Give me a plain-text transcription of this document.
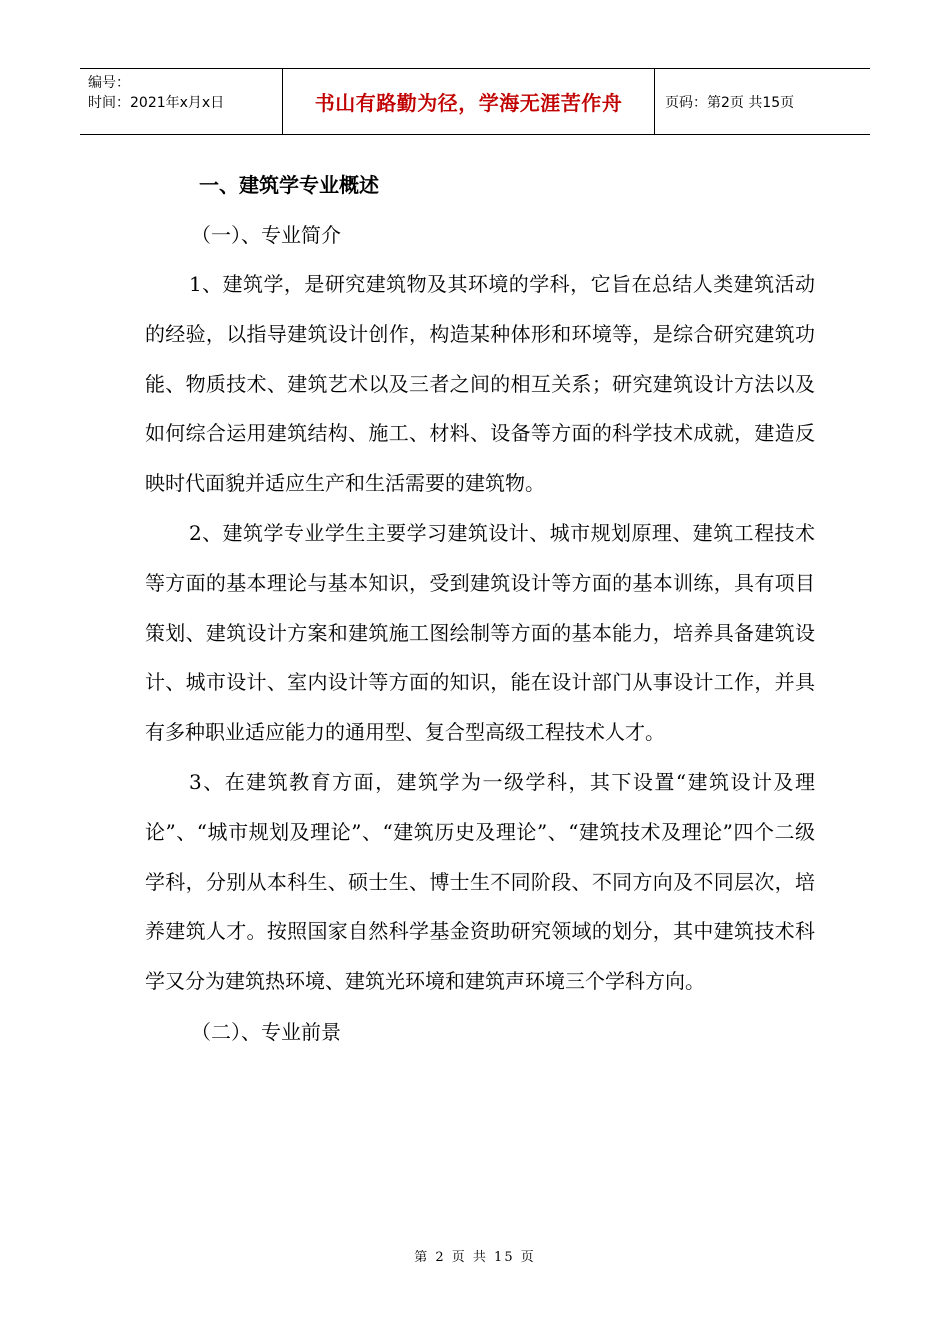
编号：
时间：2021年x月x日	书山有路勤为径，学海无涯苦作舟	页码：第2页 共15页
一、建筑学专业概述
（一）、专业简介

1、建筑学，是研究建筑物及其环境的学科，它旨在总结人类建筑活动的经验，以指导建筑设计创作，构造某种体形和环境等，是综合研究建筑功能、物质技术、建筑艺术以及三者之间的相互关系；研究建筑设计方法以及如何综合运用建筑结构、施工、材料、设备等方面的科学技术成就，建造反映时代面貌并适应生产和生活需要的建筑物。

2、建筑学专业学生主要学习建筑设计、城市规划原理、建筑工程技术等方面的基本理论与基本知识，受到建筑设计等方面的基本训练，具有项目策划、建筑设计方案和建筑施工图绘制等方面的基本能力，培养具备建筑设计、城市设计、室内设计等方面的知识，能在设计部门从事设计工作，并具有多种职业适应能力的通用型、复合型高级工程技术人才。

3、在建筑教育方面，建筑学为一级学科，其下设置“建筑设计及理论”、“城市规划及理论”、“建筑历史及理论”、“建筑技术及理论”四个二级学科，分别从本科生、硕士生、博士生不同阶段、不同方向及不同层次，培养建筑人才。按照国家自然科学基金资助研究领域的划分，其中建筑技术科学又分为建筑热环境、建筑光环境和建筑声环境三个学科方向。

（二）、专业前景
第 2 页 共 15 页
